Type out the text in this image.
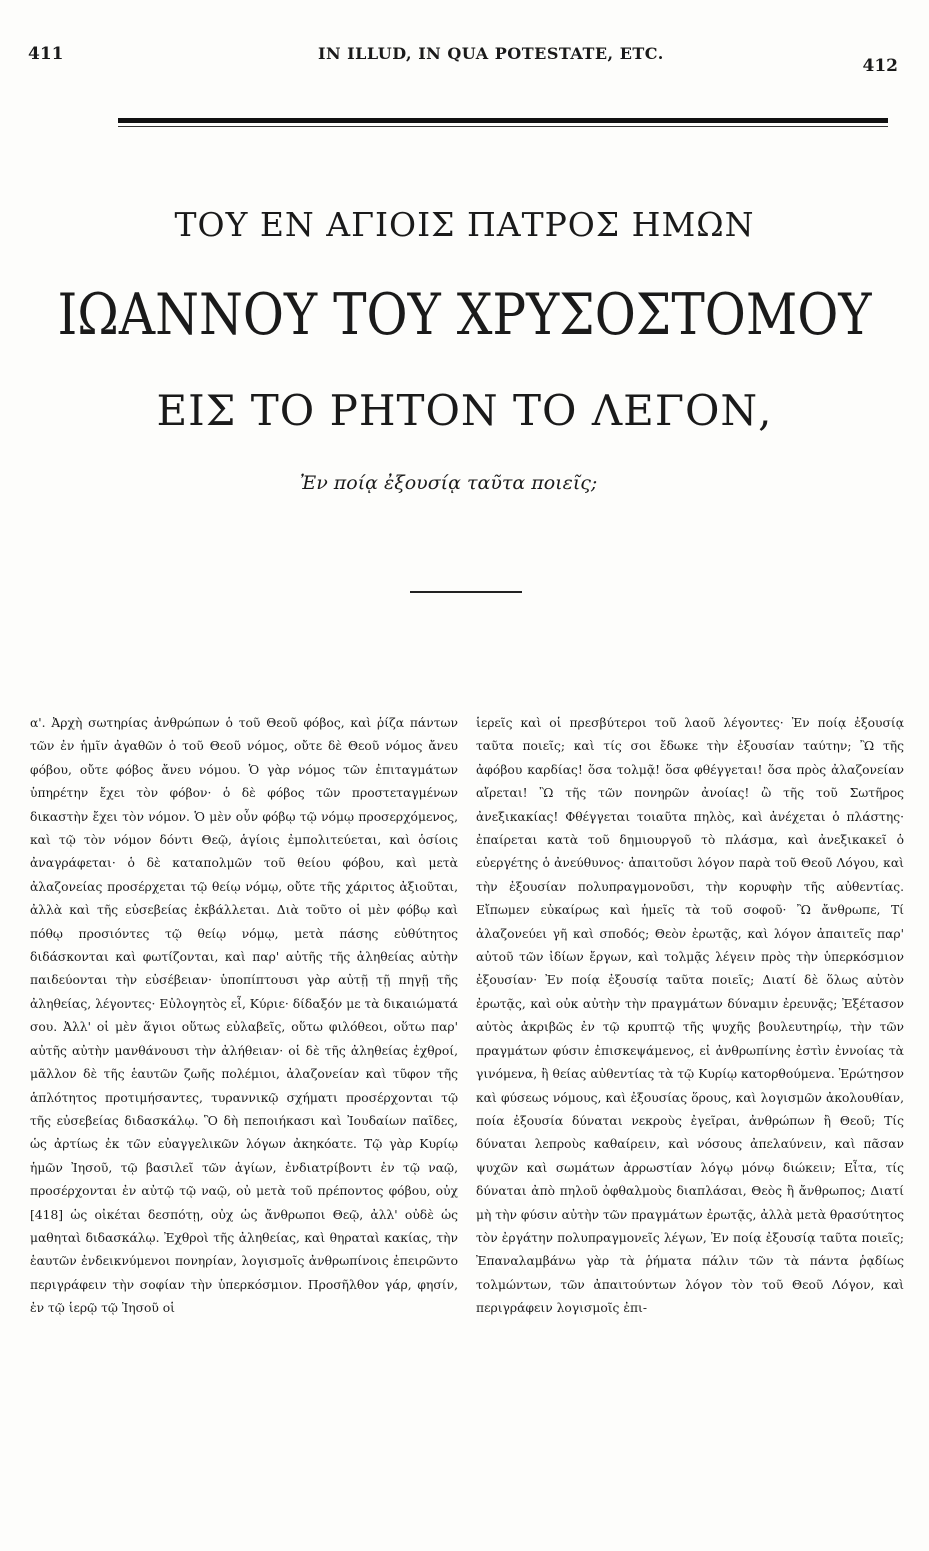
411	IN ILLUD, IN QUA POTESTATE, ETC.
412

ΤΟΥ ΕΝ ΑΓΙΟΙΣ ΠΑΤΡΟΣ ΗΜΩΝ

ΙΩΑΝΝΟΥ ΤΟΥ ΧΡΥΣΟΣΤΟΜΟΥ

ΕΙΣ ΤΟ ΡΗΤΟΝ ΤΟ ΛΕΓΟΝ,

Ἐν ποίᾳ ἐξουσίᾳ ταῦτα ποιεῖς;

α'. Ἀρχὴ σωτηρίας ἀνθρώπων ὁ τοῦ Θεοῦ φόβος, καὶ ῥίζα πάντων τῶν ἐν ἡμῖν ἀγαθῶν ὁ τοῦ Θεοῦ νόμος, οὔτε δὲ Θεοῦ νόμος ἄνευ φόβου, οὔτε φόβος ἄνευ νόμου. Ὁ γὰρ νόμος τῶν ἐπιταγμάτων ὑπηρέτην ἔχει τὸν φόβον· ὁ δὲ φόβος τῶν προστεταγμένων δικαστὴν ἔχει τὸν νόμον. Ὁ μὲν οὖν φόβῳ τῷ νόμῳ προσερχόμενος, καὶ τῷ τὸν νόμον δόντι Θεῷ, ἁγίοις ἐμπολιτεύεται, καὶ ὁσίοις ἀναγράφεται· ὁ δὲ καταπολμῶν τοῦ θείου φόβου, καὶ μετὰ ἀλαζονείας προσέρχεται τῷ θείῳ νόμῳ, οὔτε τῆς χάριτος ἀξιοῦται, ἀλλὰ καὶ τῆς εὐσεβείας ἐκβάλλεται. Διὰ τοῦτο οἱ μὲν φόβῳ καὶ πόθῳ προσιόντες τῷ θείῳ νόμῳ, μετὰ πάσης εὐθύτητος διδάσκονται καὶ φωτίζονται, καὶ παρ' αὐτῆς τῆς ἀληθείας αὐτὴν παιδεύονται τὴν εὐσέβειαν· ὑποπίπτουσι γὰρ αὐτῇ τῇ πηγῇ τῆς ἀληθείας, λέγοντες· Εὐλογητὸς εἶ, Κύριε· δίδαξόν με τὰ δικαιώματά σου. Ἀλλ' οἱ μὲν ἅγιοι οὕτως εὐλαβεῖς, οὕτω φιλόθεοι, οὕτω παρ' αὐτῆς αὐτὴν μανθάνουσι τὴν ἀλήθειαν· οἱ δὲ τῆς ἀληθείας ἐχθροί, μᾶλλον δὲ τῆς ἑαυτῶν ζωῆς πολέμιοι, ἀλαζονείαν καὶ τῦφον τῆς ἁπλότητος προτιμήσαντες, τυραννικῷ σχήματι προσέρχονται τῷ τῆς εὐσεβείας διδασκάλῳ. Ὃ δὴ πεποιήκασι καὶ Ἰουδαίων παῖδες, ὡς ἀρτίως ἐκ τῶν εὐαγγελικῶν λόγων ἀκηκόατε. Τῷ γὰρ Κυρίῳ ἡμῶν Ἰησοῦ, τῷ βασιλεῖ τῶν ἁγίων, ἐνδιατρίβοντι ἐν τῷ ναῷ, προσέρχονται ἐν αὐτῷ τῷ ναῷ, οὐ μετὰ τοῦ πρέποντος φόβου, οὐχ [418] ὡς οἰκέται δεσπότῃ, οὐχ ὡς ἄνθρωποι Θεῷ, ἀλλ' οὐδὲ ὡς μαθηταὶ διδασκάλῳ. Ἐχθροὶ τῆς ἀληθείας, καὶ θηραταὶ κακίας, τὴν ἑαυτῶν ἐνδεικνύμενοι πονηρίαν, λογισμοῖς ἀνθρωπίνοις ἐπειρῶντο περιγράφειν τὴν σοφίαν τὴν ὑπερκόσμιον. Προσῆλθον γάρ, φησίν, ἐν τῷ ἱερῷ τῷ Ἰησοῦ οἱ

ἱερεῖς καὶ οἱ πρεσβύτεροι τοῦ λαοῦ λέγοντες· Ἐν ποίᾳ ἐξουσίᾳ ταῦτα ποιεῖς; καὶ τίς σοι ἔδωκε τὴν ἐξουσίαν ταύτην; Ὢ τῆς ἀφόβου καρδίας! ὅσα τολμᾷ! ὅσα φθέγγεται! ὅσα πρὸς ἀλαζονείαν αἴρεται! Ὢ τῆς τῶν πονηρῶν ἀνοίας! ὢ τῆς τοῦ Σωτῆρος ἀνεξικακίας! Φθέγγεται τοιαῦτα πηλὸς, καὶ ἀνέχεται ὁ πλάστης· ἐπαίρεται κατὰ τοῦ δημιουργοῦ τὸ πλάσμα, καὶ ἀνεξικακεῖ ὁ εὐεργέτης ὁ ἀνεύθυνος· ἀπαιτοῦσι λόγον παρὰ τοῦ Θεοῦ Λόγου, καὶ τὴν ἐξουσίαν πολυπραγμονοῦσι, τὴν κορυφὴν τῆς αὐθεντίας. Εἴπωμεν εὐκαίρως καὶ ἡμεῖς τὰ τοῦ σοφοῦ· Ὢ ἄνθρωπε, Τί ἀλαζονεύει γῆ καὶ σποδός; Θεὸν ἐρωτᾷς, καὶ λόγον ἀπαιτεῖς παρ' αὐτοῦ τῶν ἰδίων ἔργων, καὶ τολμᾷς λέγειν πρὸς τὴν ὑπερκόσμιον ἐξουσίαν· Ἐν ποίᾳ ἐξουσίᾳ ταῦτα ποιεῖς; Διατί δὲ ὅλως αὐτὸν ἐρωτᾷς, καὶ οὐκ αὐτὴν τὴν πραγμάτων δύναμιν ἐρευνᾷς; Ἐξέτασον αὐτὸς ἀκριβῶς ἐν τῷ κρυπτῷ τῆς ψυχῆς βουλευτηρίῳ, τὴν τῶν πραγμάτων φύσιν ἐπισκεψάμενος, εἰ ἀνθρωπίνης ἐστὶν ἐννοίας τὰ γινόμενα, ἢ θείας αὐθεντίας τὰ τῷ Κυρίῳ κατορθούμενα. Ἐρώτησον καὶ φύσεως νόμους, καὶ ἐξουσίας ὅρους, καὶ λογισμῶν ἀκολουθίαν, ποία ἐξουσία δύναται νεκροὺς ἐγεῖραι, ἀνθρώπων ἢ Θεοῦ; Τίς δύναται λεπροὺς καθαίρειν, καὶ νόσους ἀπελαύνειν, καὶ πᾶσαν ψυχῶν καὶ σωμάτων ἀρρωστίαν λόγῳ μόνῳ διώκειν; Εἶτα, τίς δύναται ἀπὸ πηλοῦ ὀφθαλμοὺς διαπλάσαι, Θεὸς ἢ ἄνθρωπος; Διατί μὴ τὴν φύσιν αὐτὴν τῶν πραγμάτων ἐρωτᾷς, ἀλλὰ μετὰ θρασύτητος τὸν ἐργάτην πολυπραγμονεῖς λέγων, Ἐν ποίᾳ ἐξουσίᾳ ταῦτα ποιεῖς; Ἐπαναλαμβάνω γὰρ τὰ ῥήματα πάλιν τῶν τὰ πάντα ῥᾳδίως τολμώντων, τῶν ἀπαιτούντων λόγον τὸν τοῦ Θεοῦ Λόγον, καὶ περιγράφειν λογισμοῖς ἐπι-
